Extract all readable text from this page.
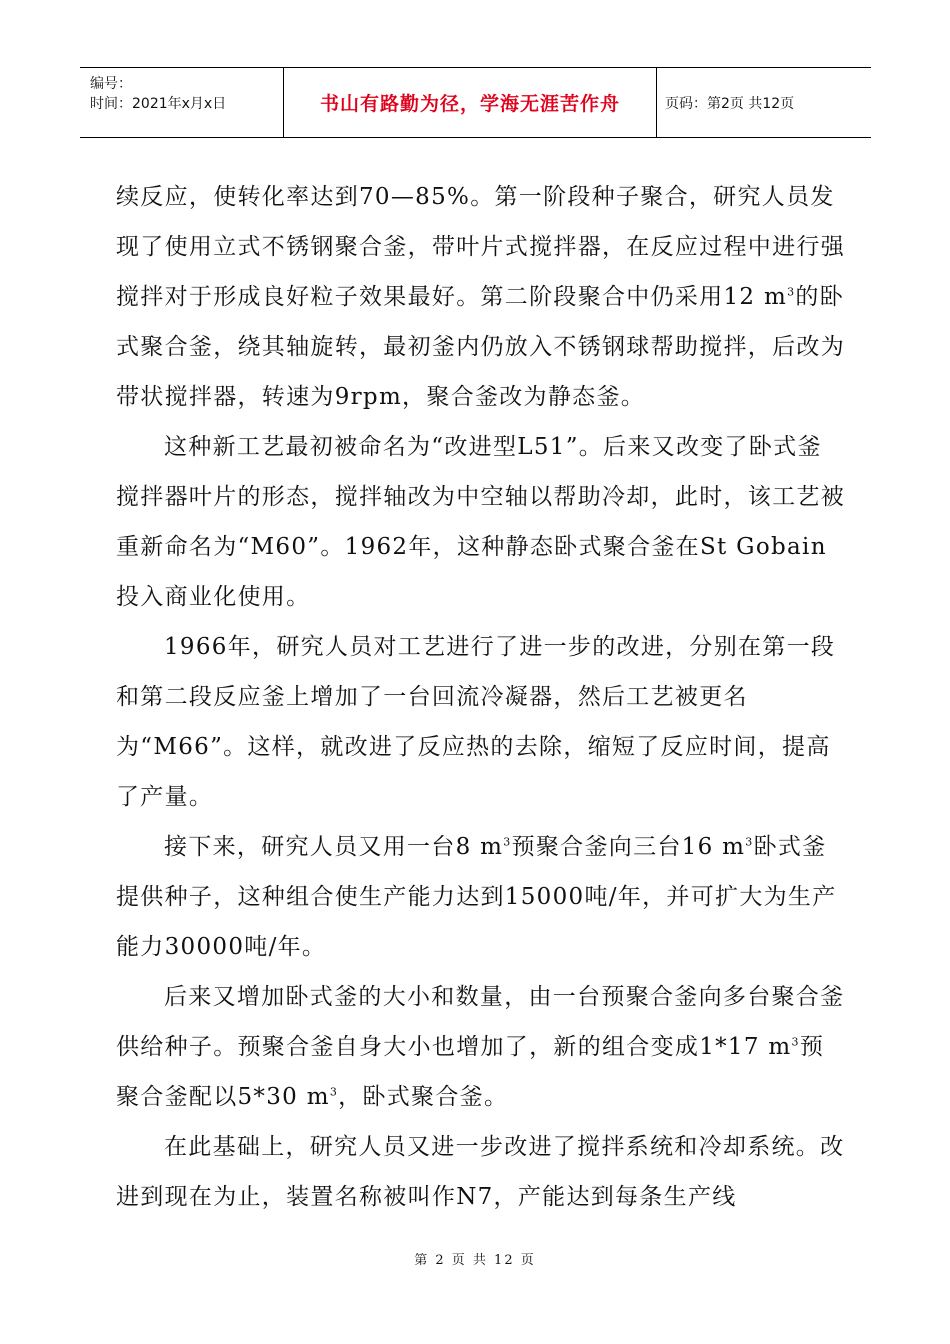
编号：
时间：2021年x月x日	书山有路勤为径，学海无涯苦作舟	页码：第2页 共12页

续反应，使转化率达到70—85%。第一阶段种子聚合，研究人员发现了使用立式不锈钢聚合釜，带叶片式搅拌器，在反应过程中进行强搅拌对于形成良好粒子效果最好。第二阶段聚合中仍采用12 $m^3$的卧式聚合釜，绕其轴旋转，最初釜内仍放入不锈钢球帮助搅拌，后改为带状搅拌器，转速为9rpm，聚合釜改为静态釜。

这种新工艺最初被命名为“改进型L51”。后来又改变了卧式釜搅拌器叶片的形态，搅拌轴改为中空轴以帮助冷却，此时，该工艺被重新命名为“M60”。1962年，这种静态卧式聚合釜在St Gobain投入商业化使用。

1966年，研究人员对工艺进行了进一步的改进，分别在第一段和第二段反应釜上增加了一台回流冷凝器，然后工艺被更名为“M66”。这样，就改进了反应热的去除，缩短了反应时间，提高了产量。

接下来，研究人员又用一台8 $m^3$预聚合釜向三台16 $m^3$卧式釜提供种子，这种组合使生产能力达到15000吨/年，并可扩大为生产能力30000吨/年。

后来又增加卧式釜的大小和数量，由一台预聚合釜向多台聚合釜供给种子。预聚合釜自身大小也增加了，新的组合变成1*17 $m^3$预聚合釜配以5*30 $m^3$，卧式聚合釜。

在此基础上，研究人员又进一步改进了搅拌系统和冷却系统。改进到现在为止，装置名称被叫作N7，产能达到每条生产线

第 2 页 共 12 页
